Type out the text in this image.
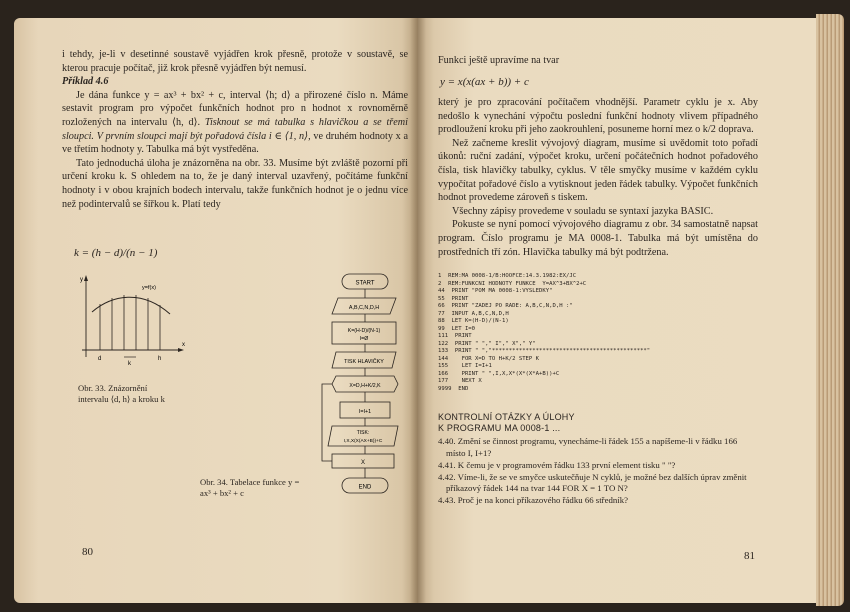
i tehdy, je-li v desetinné soustavě vyjádřen krok přesně, protože v soustavě, se kterou pracuje počítač, již krok přesně vyjádřen být nemusí.

Příklad 4.6

Je dána funkce y = ax³ + bx² + c, interval ⟨h; d⟩ a přirozené číslo n. Máme sestavit program pro výpočet funkčních hodnot pro n hodnot x rovnoměrně rozložených na intervalu ⟨h, d⟩. Tisknout se má tabulka s hlavičkou a se třemi sloupci. V prvním sloupci mají být pořadová čísla i ∈ ⟨1, n⟩, ve druhém hodnoty x a ve třetím hodnoty y. Tabulka má být vystředěna.

Tato jednoduchá úloha je znázorněna na obr. 33. Musíme být zvláště pozorní při určení kroku k. S ohledem na to, že je daný interval uzavřený, počítáme funkční hodnoty i v obou krajních bodech intervalu, takže funkčních hodnot je o jednu více než podintervalů se šířkou k. Platí tedy

k = (h − d)/(n − 1)
y
y=f(x)
d
k
h
x
Obr. 33. Znázornění intervalu ⟨d, h⟩ a kroku k
START
A,B,C,N,D,H
K=(H-D)/(N-1)
I=Ø
TISK HLAVIČKY
X=D,H+K/2,K
I=I+1
TISK:
I,X,X(X(AX+B))+C
X
END
Obr. 34. Tabelace funkce y = ax³ + bx² + c
80
Funkci ještě upravíme na tvar
y = x(x(ax + b)) + c

který je pro zpracování počítačem vhodnější. Parametr cyklu je x. Aby nedošlo k vynechání výpočtu poslední funkční hodnoty vlivem případného prodloužení kroku při jeho zaokrouhlení, posuneme horní mez o k/2 doprava.

Než začneme kreslit vývojový diagram, musíme si uvědomit toto pořadí úkonů: ruční zadání, výpočet kroku, určení počátečních hodnot pořadového čísla, tisk hlavičky tabulky, cyklus. V těle smyčky musíme v každém cyklu vypočítat pořadové číslo a vytisknout jeden řádek tabulky. Výpočet funkčních hodnot provedeme zároveň s tiskem.

Všechny zápisy provedeme v souladu se syntaxí jazyka BASIC.

Pokuste se nyní pomocí vývojového diagramu z obr. 34 samostatně napsat program. Číslo programu je MA 0008-1. Tabulka má být umístěna do prostředních tří zón. Hlavička tabulky má být podtržena.

1  REM:MA 0008-1/B:HOOFCE:14.3.1982:EX/JC
2  REM:FUNKCNI HODNOTY FUNKCE  Y=AX^3+BX^2+C
44  PRINT "POM MA 0008-1:VYSLEDKY"
55  PRINT
66  PRINT "ZADEJ PO RADE: A,B,C,N,D,H :"
77  INPUT A,B,C,N,D,H
88  LET K=(H-D)/(N-1)
99  LET I=0
111  PRINT
122  PRINT " "," I"," X"," Y"
133  PRINT " ","**********************************************"
144    FOR X=D TO H+K/2 STEP K
155    LET I=I+1
166    PRINT " ",I,X,X*(X*(X*A+B))+C
177    NEXT X
9999  END
KONTROLNÍ OTÁZKY A ÚLOHY
K PROGRAMU MA 0008-1 ...

4.40. Změní se činnost programu, vynecháme-li řádek 155 a napíšeme-li v řádku 166 místo I, I+1?

4.41. K čemu je v programovém řádku 133 první element tisku " "?

4.42. Víme-li, že se ve smyčce uskutečňuje N cyklů, je možné bez dalších úprav změnit příkazový řádek 144 na tvar 144 FOR X = 1 TO N?

4.43. Proč je na konci příkazového řádku 66 středník?

81
